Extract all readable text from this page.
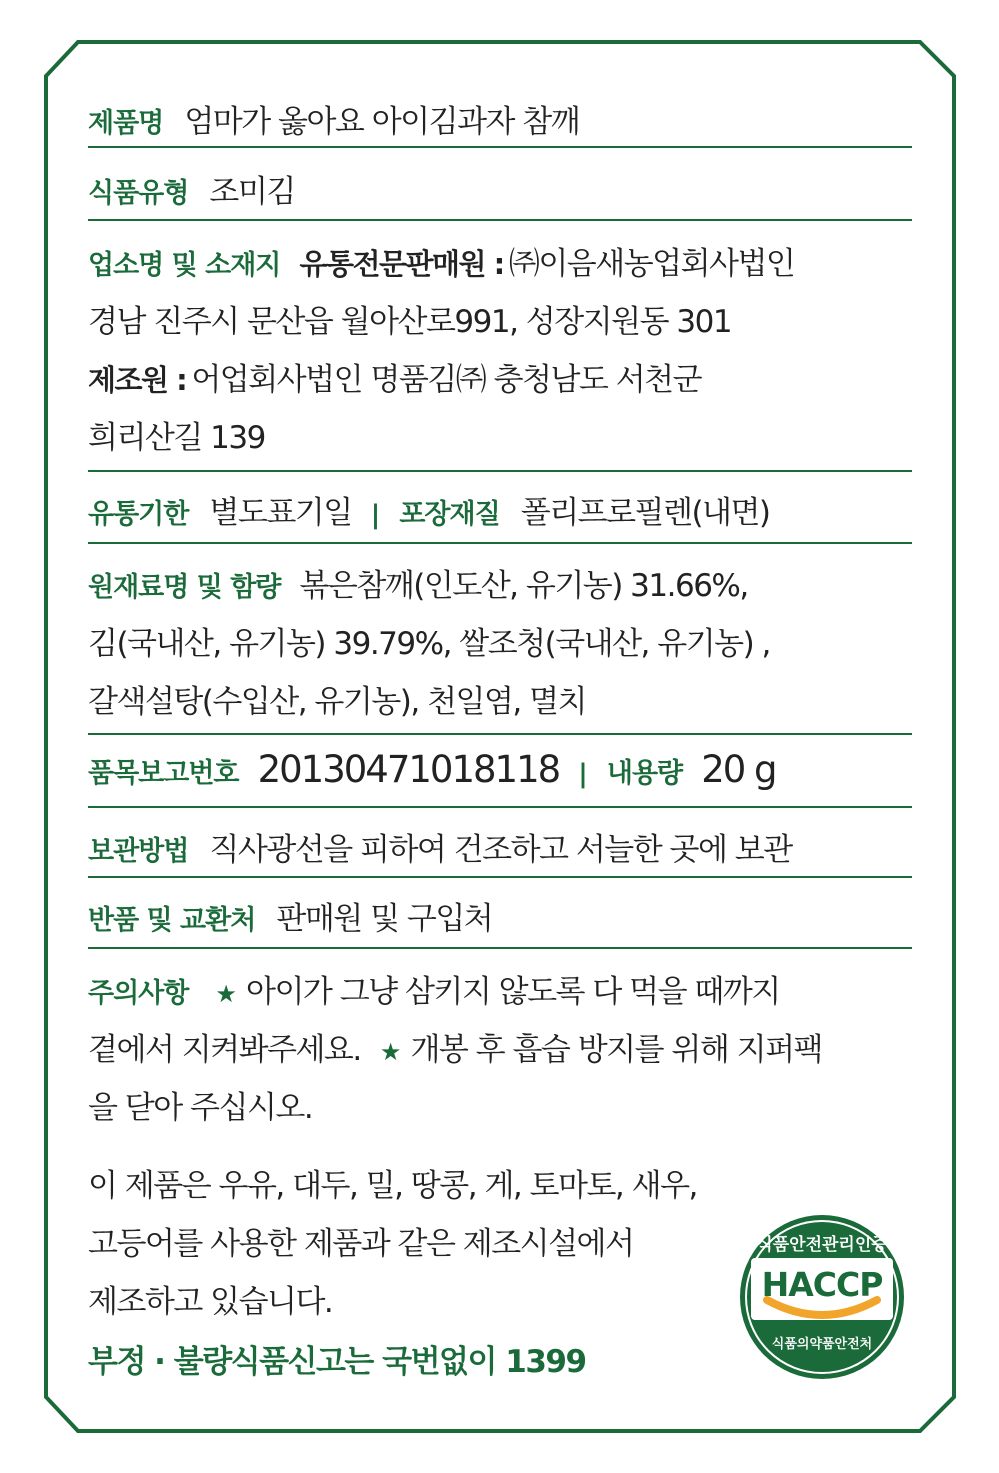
제품명 엄마가 옳아요 아이김과자 참깨
식품유형 조미김
업소명 및 소재지 유통전문판매원 : ㈜이음새농업회사법인
경남 진주시 문산읍 월아산로991, 성장지원동 301
제조원 : 어업회사법인 명품김㈜ 충청남도 서천군
희리산길 139
유통기한 별도표기일 | 포장재질 폴리프로필렌(내면)
원재료명 및 함량 볶은참깨(인도산, 유기농) 31.66%,
김(국내산, 유기농) 39.79%, 쌀조청(국내산, 유기농) ,
갈색설탕(수입산, 유기농), 천일염, 멸치
품목보고번호 20130471018118 | 내용량 20 g
보관방법 직사광선을 피하여 건조하고 서늘한 곳에 보관
반품 및 교환처 판매원 및 구입처
주의사항 ★ 아이가 그냥 삼키지 않도록 다 먹을 때까지
곁에서 지켜봐주세요. ★ 개봉 후 흡습 방지를 위해 지퍼팩
을 닫아 주십시오.
이 제품은 우유, 대두, 밀, 땅콩, 게, 토마토, 새우,
고등어를 사용한 제품과 같은 제조시설에서
제조하고 있습니다.
부정 · 불량식품신고는 국번없이 1399
식품안전관리인증
HACCP
식품의약품안전처
